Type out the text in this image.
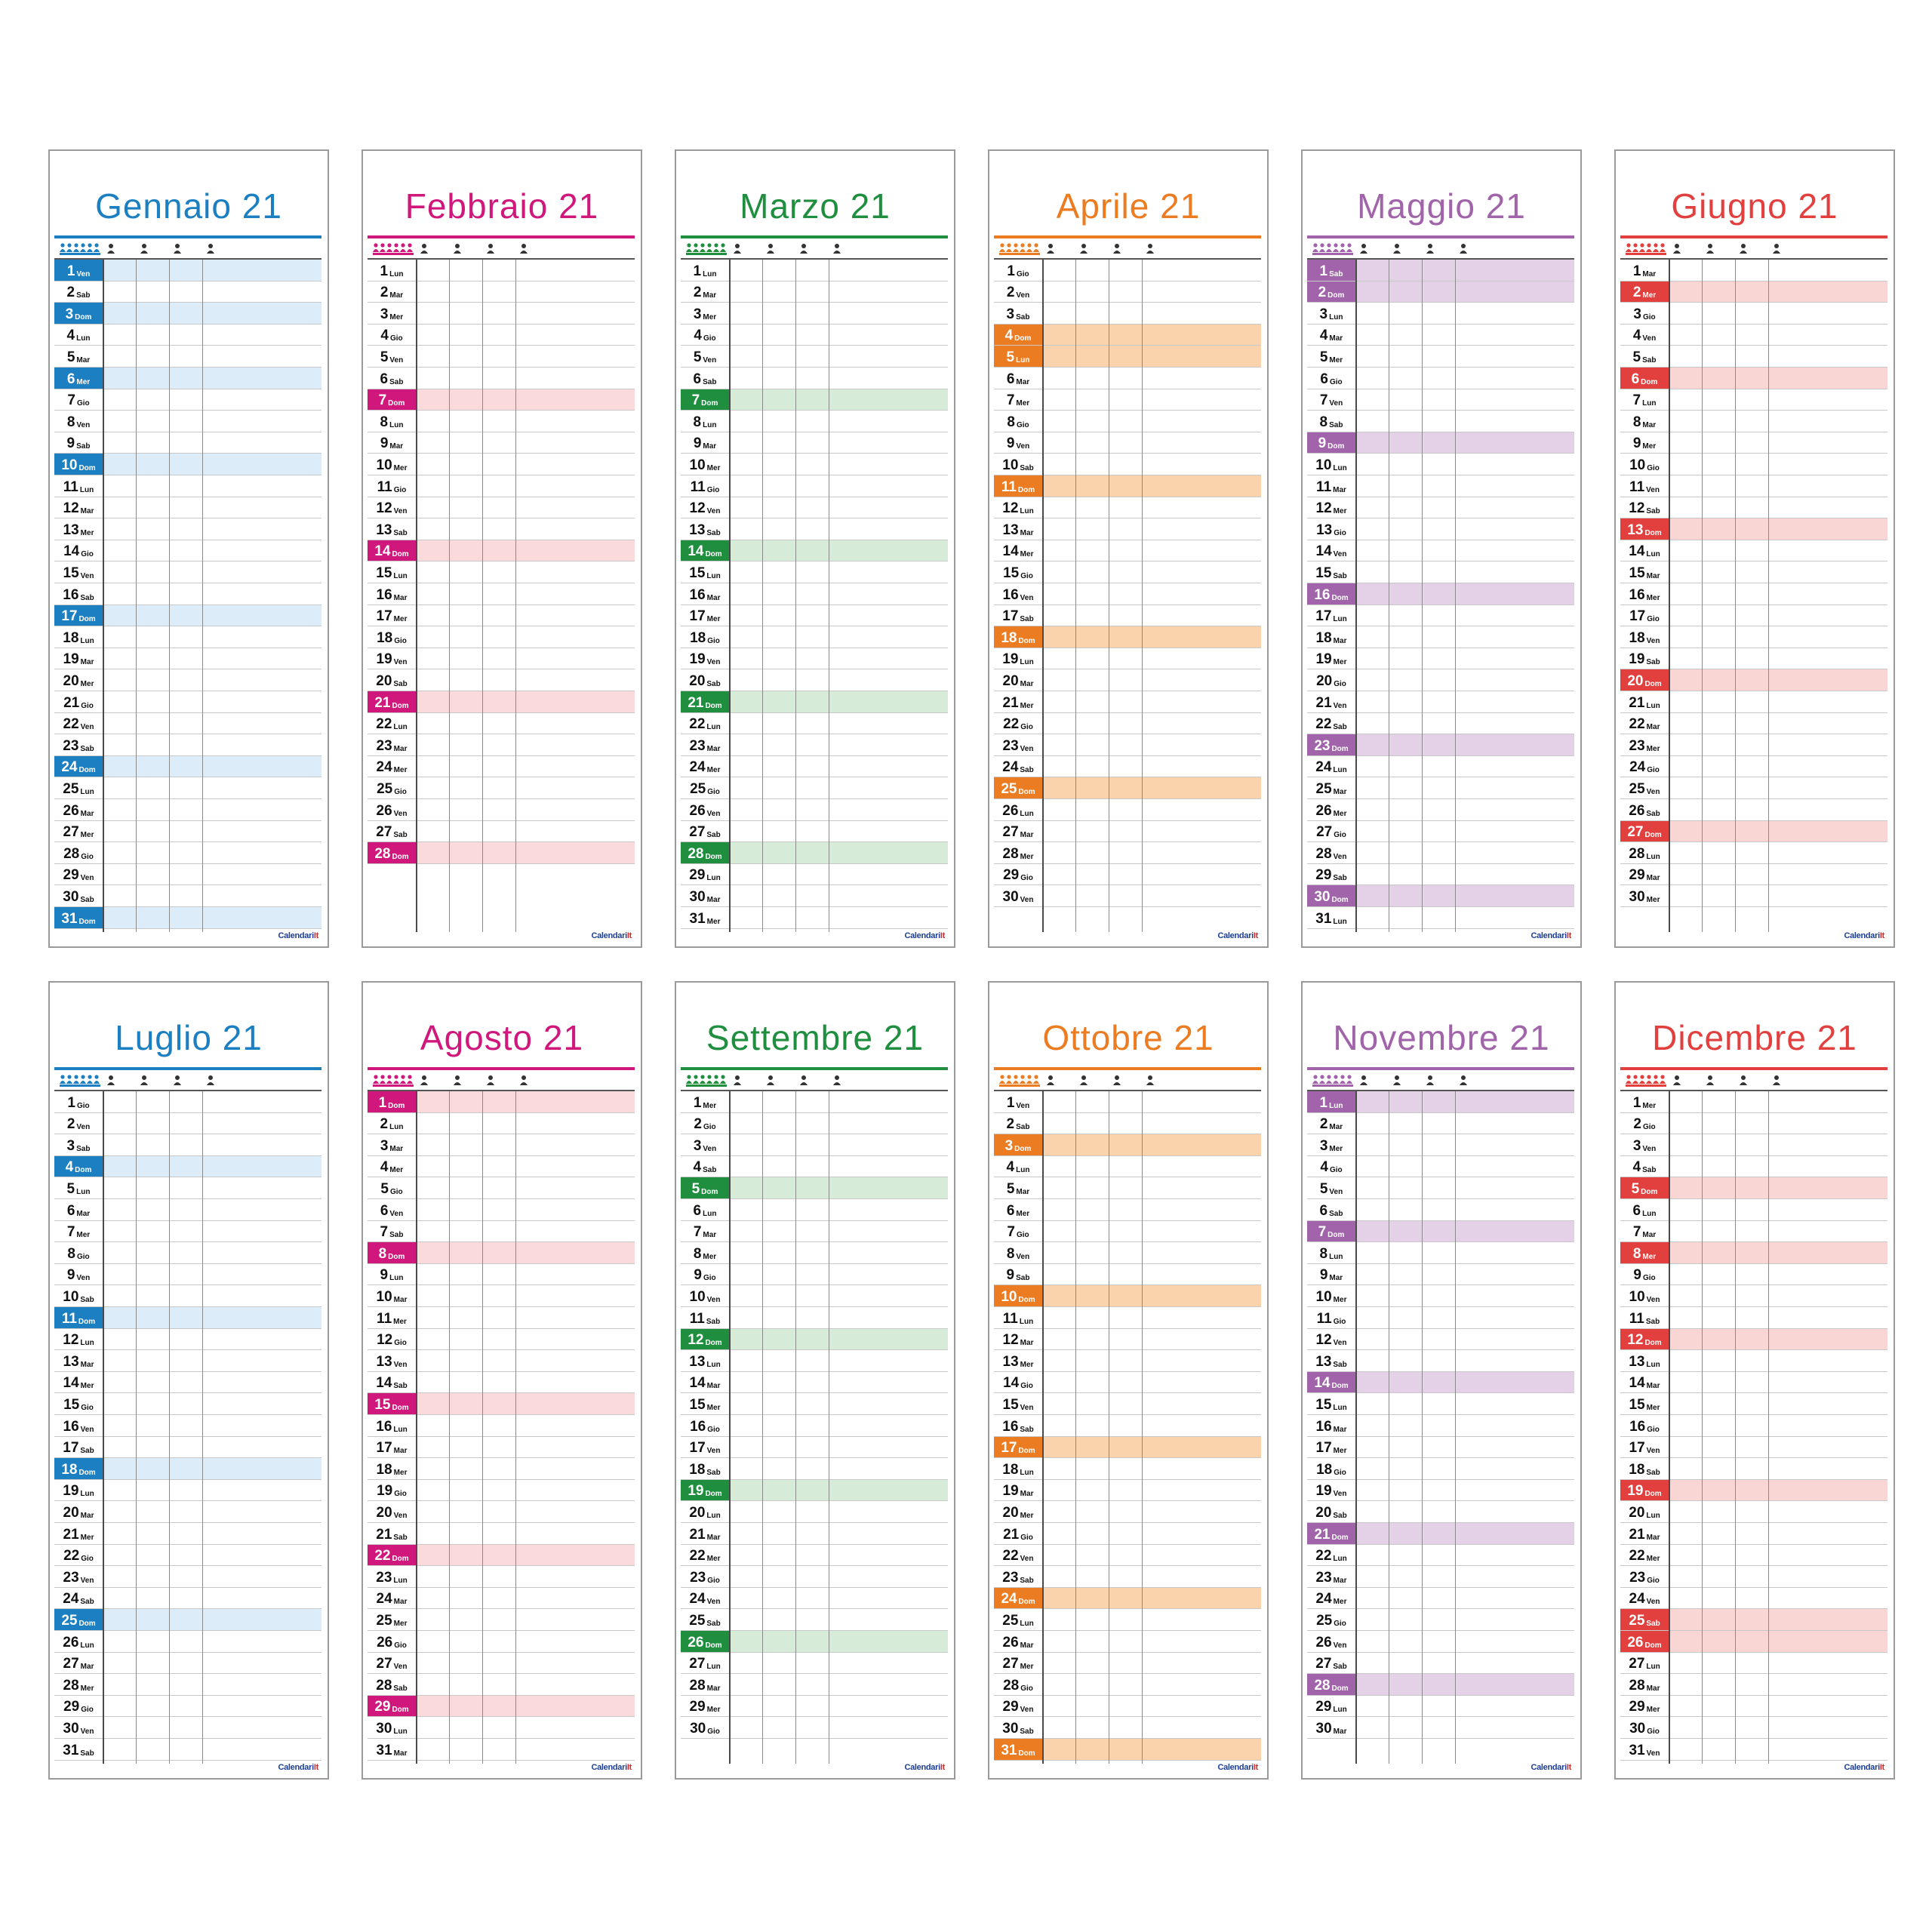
Gennaio 21
1 Ven
2 Sab
3 Dom
4 Lun
5 Mar
6 Mer
7 Gio
8 Ven
9 Sab
10 Dom
11 Lun
12 Mar
13 Mer
14 Gio
15 Ven
16 Sab
17 Dom
18 Lun
19 Mar
20 Mer
21 Gio
22 Ven
23 Sab
24 Dom
25 Lun
26 Mar
27 Mer
28 Gio
29 Ven
30 Sab
31 Dom
CalendariIt
Febbraio 21
1 Lun
2 Mar
3 Mer
4 Gio
5 Ven
6 Sab
7 Dom
8 Lun
9 Mar
10 Mer
11 Gio
12 Ven
13 Sab
14 Dom
15 Lun
16 Mar
17 Mer
18 Gio
19 Ven
20 Sab
21 Dom
22 Lun
23 Mar
24 Mer
25 Gio
26 Ven
27 Sab
28 Dom
CalendariIt
Marzo 21
1 Lun
2 Mar
3 Mer
4 Gio
5 Ven
6 Sab
7 Dom
8 Lun
9 Mar
10 Mer
11 Gio
12 Ven
13 Sab
14 Dom
15 Lun
16 Mar
17 Mer
18 Gio
19 Ven
20 Sab
21 Dom
22 Lun
23 Mar
24 Mer
25 Gio
26 Ven
27 Sab
28 Dom
29 Lun
30 Mar
31 Mer
CalendariIt
Aprile 21
1 Gio
2 Ven
3 Sab
4 Dom
5 Lun
6 Mar
7 Mer
8 Gio
9 Ven
10 Sab
11 Dom
12 Lun
13 Mar
14 Mer
15 Gio
16 Ven
17 Sab
18 Dom
19 Lun
20 Mar
21 Mer
22 Gio
23 Ven
24 Sab
25 Dom
26 Lun
27 Mar
28 Mer
29 Gio
30 Ven
CalendariIt
Maggio 21
1 Sab
2 Dom
3 Lun
4 Mar
5 Mer
6 Gio
7 Ven
8 Sab
9 Dom
10 Lun
11 Mar
12 Mer
13 Gio
14 Ven
15 Sab
16 Dom
17 Lun
18 Mar
19 Mer
20 Gio
21 Ven
22 Sab
23 Dom
24 Lun
25 Mar
26 Mer
27 Gio
28 Ven
29 Sab
30 Dom
31 Lun
CalendariIt
Giugno 21
1 Mar
2 Mer
3 Gio
4 Ven
5 Sab
6 Dom
7 Lun
8 Mar
9 Mer
10 Gio
11 Ven
12 Sab
13 Dom
14 Lun
15 Mar
16 Mer
17 Gio
18 Ven
19 Sab
20 Dom
21 Lun
22 Mar
23 Mer
24 Gio
25 Ven
26 Sab
27 Dom
28 Lun
29 Mar
30 Mer
CalendariIt
Luglio 21
1 Gio
2 Ven
3 Sab
4 Dom
5 Lun
6 Mar
7 Mer
8 Gio
9 Ven
10 Sab
11 Dom
12 Lun
13 Mar
14 Mer
15 Gio
16 Ven
17 Sab
18 Dom
19 Lun
20 Mar
21 Mer
22 Gio
23 Ven
24 Sab
25 Dom
26 Lun
27 Mar
28 Mer
29 Gio
30 Ven
31 Sab
CalendariIt
Agosto 21
1 Dom
2 Lun
3 Mar
4 Mer
5 Gio
6 Ven
7 Sab
8 Dom
9 Lun
10 Mar
11 Mer
12 Gio
13 Ven
14 Sab
15 Dom
16 Lun
17 Mar
18 Mer
19 Gio
20 Ven
21 Sab
22 Dom
23 Lun
24 Mar
25 Mer
26 Gio
27 Ven
28 Sab
29 Dom
30 Lun
31 Mar
CalendariIt
Settembre 21
1 Mer
2 Gio
3 Ven
4 Sab
5 Dom
6 Lun
7 Mar
8 Mer
9 Gio
10 Ven
11 Sab
12 Dom
13 Lun
14 Mar
15 Mer
16 Gio
17 Ven
18 Sab
19 Dom
20 Lun
21 Mar
22 Mer
23 Gio
24 Ven
25 Sab
26 Dom
27 Lun
28 Mar
29 Mer
30 Gio
CalendariIt
Ottobre 21
1 Ven
2 Sab
3 Dom
4 Lun
5 Mar
6 Mer
7 Gio
8 Ven
9 Sab
10 Dom
11 Lun
12 Mar
13 Mer
14 Gio
15 Ven
16 Sab
17 Dom
18 Lun
19 Mar
20 Mer
21 Gio
22 Ven
23 Sab
24 Dom
25 Lun
26 Mar
27 Mer
28 Gio
29 Ven
30 Sab
31 Dom
CalendariIt
Novembre 21
1 Lun
2 Mar
3 Mer
4 Gio
5 Ven
6 Sab
7 Dom
8 Lun
9 Mar
10 Mer
11 Gio
12 Ven
13 Sab
14 Dom
15 Lun
16 Mar
17 Mer
18 Gio
19 Ven
20 Sab
21 Dom
22 Lun
23 Mar
24 Mer
25 Gio
26 Ven
27 Sab
28 Dom
29 Lun
30 Mar
CalendariIt
Dicembre 21
1 Mer
2 Gio
3 Ven
4 Sab
5 Dom
6 Lun
7 Mar
8 Mer
9 Gio
10 Ven
11 Sab
12 Dom
13 Lun
14 Mar
15 Mer
16 Gio
17 Ven
18 Sab
19 Dom
20 Lun
21 Mar
22 Mer
23 Gio
24 Ven
25 Sab
26 Dom
27 Lun
28 Mar
29 Mer
30 Gio
31 Ven
CalendariIt
